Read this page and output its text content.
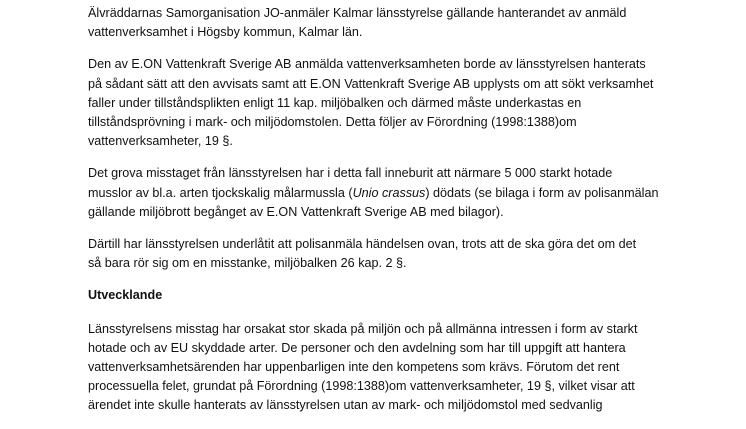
Älvräddarnas Samorganisation JO-anmäler Kalmar länsstyrelse gällande hanterandet av anmäld
vattenverksamhet i Högsby kommun, Kalmar län.

Den av E.ON Vattenkraft Sverige AB anmälda vattenverksamheten borde av länsstyrelsen hanterats
på sådant sätt att den avvisats samt att E.ON Vattenkraft Sverige AB upplysts om att sökt verksamhet
faller under tillståndsplikten enligt 11 kap. miljöbalken och därmed måste underkastas en
tillståndsprövning i mark- och miljödomstolen. Detta följer av Förordning (1998:1388)om
vattenverksamheter, 19 §.

Det grova misstaget från länsstyrelsen har i detta fall inneburit att närmare 5 000 starkt hotade
musslor av bl.a. arten tjockskalig målarmussla (Unio crassus) dödats (se bilaga i form av polisanmälan
gällande miljöbrott begånget av E.ON Vattenkraft Sverige AB med bilagor).

Därtill har länsstyrelsen underlåtit att polisanmäla händelsen ovan, trots att de ska göra det om det
så bara rör sig om en misstanke, miljöbalken 26 kap. 2 §.

Utvecklande

Länsstyrelsens misstag har orsakat stor skada på miljön och på allmänna intressen i form av starkt
hotade och av EU skyddade arter. De personer och den avdelning som har till uppgift att hantera
vattenverksamhetsärenden har uppenbarligen inte den kompetens som krävs. Förutom det rent
processuella felet, grundat på Förordning (1998:1388)om vattenverksamheter, 19 §, vilket visar att
ärendet inte skulle hanterats av länsstyrelsen utan av mark- och miljödomstol med sedvanlig
